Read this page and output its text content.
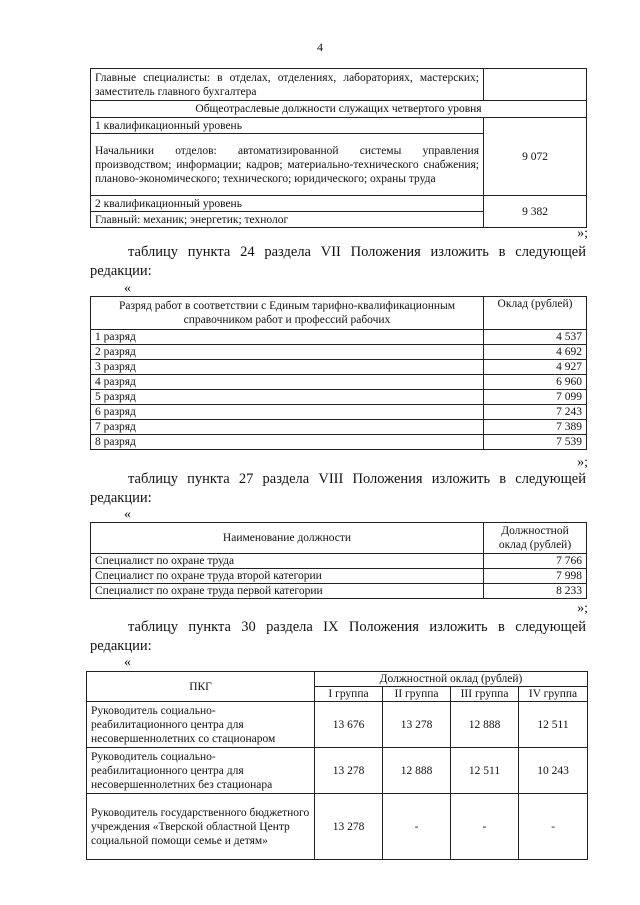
4
Главные специалисты: в отделах, отделениях, лабораториях, мастерских; заместитель главного бухгалтера	
Общеотраслевые должности служащих четвертого уровня	
1 квалификационный уровень	9 072
Начальники отделов: автоматизированной системы управления производством; информации; кадров; материально-технического снабжения; планово-экономического; технического; юридического; охраны труда	
2 квалификационный уровень	9 382
Главный: механик; энергетик; технолог	
»;
таблицу пункта 24 раздела VII Положения изложить в следующей редакции:
«
Разряд работ в соответствии с Единым тарифно-квалификационным справочником работ и профессий рабочих	Оклад (рублей)
1 разряд	4 537
2 разряд	4 692
3 разряд	4 927
4 разряд	6 960
5 разряд	7 099
6 разряд	7 243
7 разряд	7 389
8 разряд	7 539
»;
таблицу пункта 27 раздела VIII Положения изложить в следующей редакции:
«
Наименование должности	Должностной оклад (рублей)
Специалист по охране труда	7 766
Специалист по охране труда второй категории	7 998
Специалист по охране труда первой категории	8 233
»;
таблицу пункта 30 раздела IX Положения изложить в следующей редакции:
«
ПКГ	Должностной оклад (рублей)			
	I группа	II группа	III группа	IV группа
Руководитель социально-реабилитационного центра для несовершеннолетних со стационаром	13 676	13 278	12 888	12 511
Руководитель социально-реабилитационного центра для несовершеннолетних без стационара	13 278	12 888	12 511	10 243
Руководитель государственного бюджетного учреждения «Тверской областной Центр социальной помощи семье и детям»	13 278	-	-	-
